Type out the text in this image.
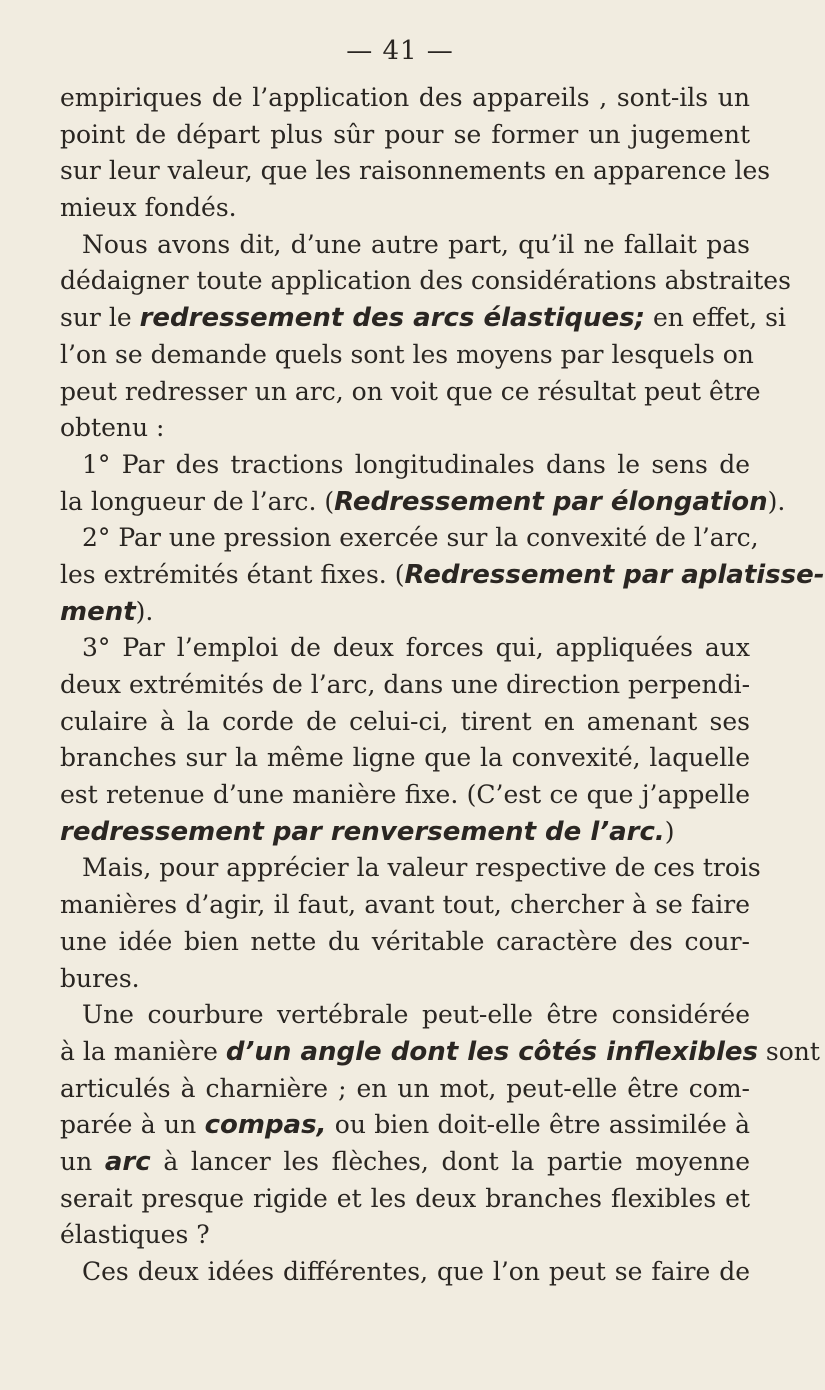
— 41 —
empiriques de l’application des appareils , sont-ils un
point de départ plus sûr pour se former un jugement
sur leur valeur, que les raisonnements en apparence les
mieux fondés.
Nous avons dit, d’une autre part, qu’il ne fallait pas
dédaigner toute application des considérations abstraites
sur le redressement des arcs élastiques; en effet, si
l’on se demande quels sont les moyens par lesquels on
peut redresser un arc, on voit que ce résultat peut être
obtenu :
1° Par des tractions longitudinales dans le sens de
la longueur de l’arc. (Redressement par élongation).
2° Par une pression exercée sur la convexité de l’arc,
les extrémités étant fixes. (Redressement par aplatisse-
ment).
3° Par l’emploi de deux forces qui, appliquées aux
deux extrémités de l’arc, dans une direction perpendi-
culaire à la corde de celui-ci, tirent en amenant ses
branches sur la même ligne que la convexité, laquelle
est retenue d’une manière fixe. (C’est ce que j’appelle
redressement par renversement de l’arc.)
Mais, pour apprécier la valeur respective de ces trois
manières d’agir, il faut, avant tout, chercher à se faire
une idée bien nette du véritable caractère des cour-
bures.
Une courbure vertébrale peut-elle être considérée
à la manière d’un angle dont les côtés inflexibles sont
articulés à charnière ; en un mot, peut-elle être com-
parée à un compas, ou bien doit-elle être assimilée à
un arc à lancer les flèches, dont la partie moyenne
serait presque rigide et les deux branches flexibles et
élastiques ?
Ces deux idées différentes, que l’on peut se faire de
